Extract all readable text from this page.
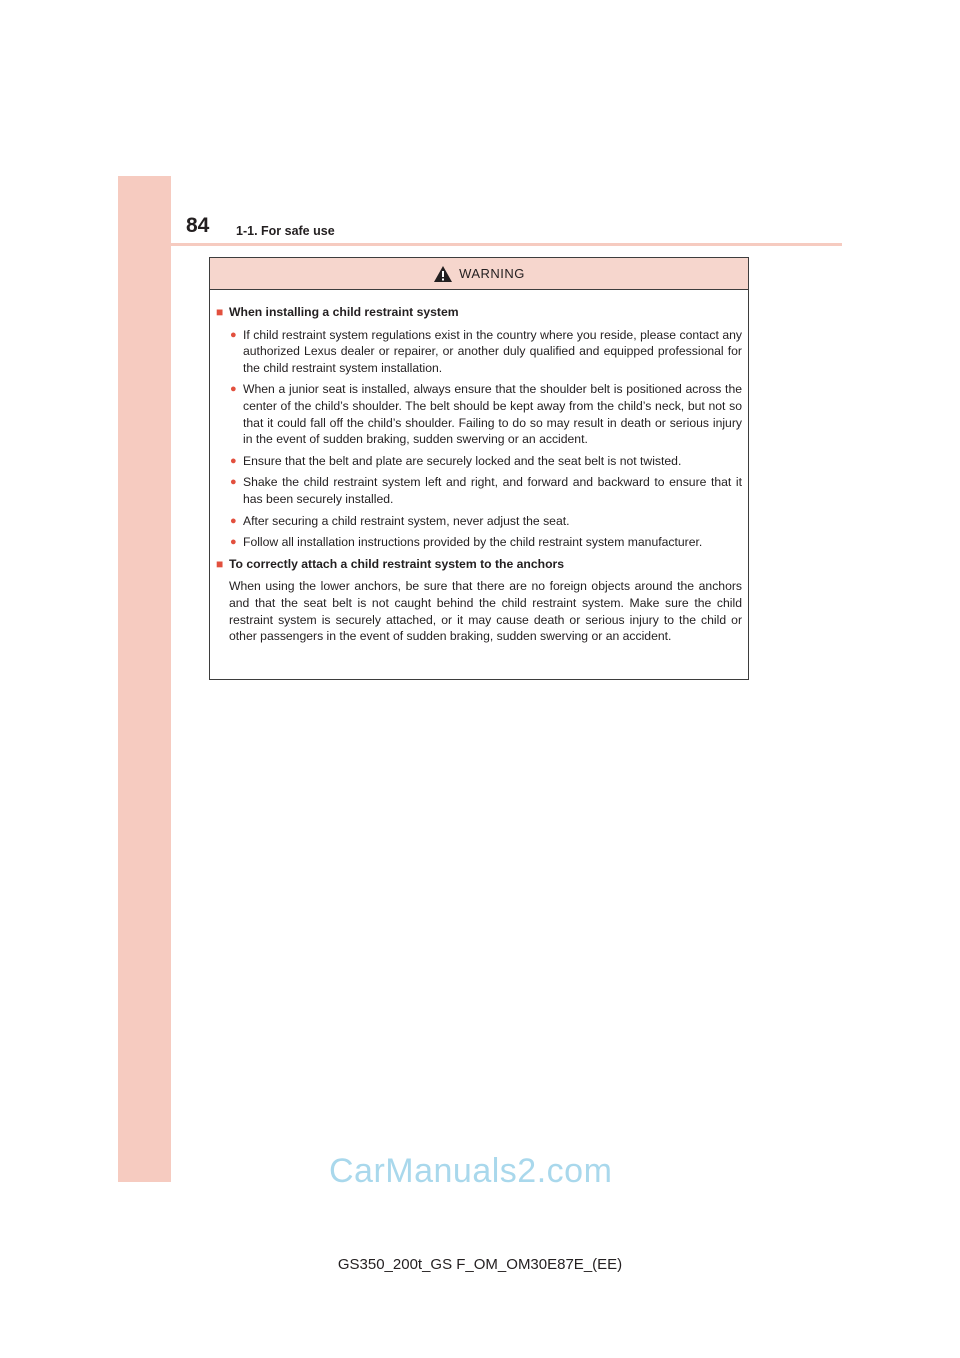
84 1-1. For safe use
WARNING
■ When installing a child restraint system
● If child restraint system regulations exist in the country where you reside, please contact any authorized Lexus dealer or repairer, or another duly qualified and equipped professional for the child restraint system installation.
● When a junior seat is installed, always ensure that the shoulder belt is positioned across the center of the child’s shoulder. The belt should be kept away from the child’s neck, but not so that it could fall off the child’s shoulder. Failing to do so may result in death or serious injury in the event of sudden braking, sudden swerving or an accident.
● Ensure that the belt and plate are securely locked and the seat belt is not twisted.
● Shake the child restraint system left and right, and forward and backward to ensure that it has been securely installed.
● After securing a child restraint system, never adjust the seat.
● Follow all installation instructions provided by the child restraint system manufacturer.
■ To correctly attach a child restraint system to the anchors
When using the lower anchors, be sure that there are no foreign objects around the anchors and that the seat belt is not caught behind the child restraint system. Make sure the child restraint system is securely attached, or it may cause death or serious injury to the child or other passengers in the event of sudden braking, sudden swerving or an accident.
CarManuals2.com
GS350_200t_GS F_OM_OM30E87E_(EE)
